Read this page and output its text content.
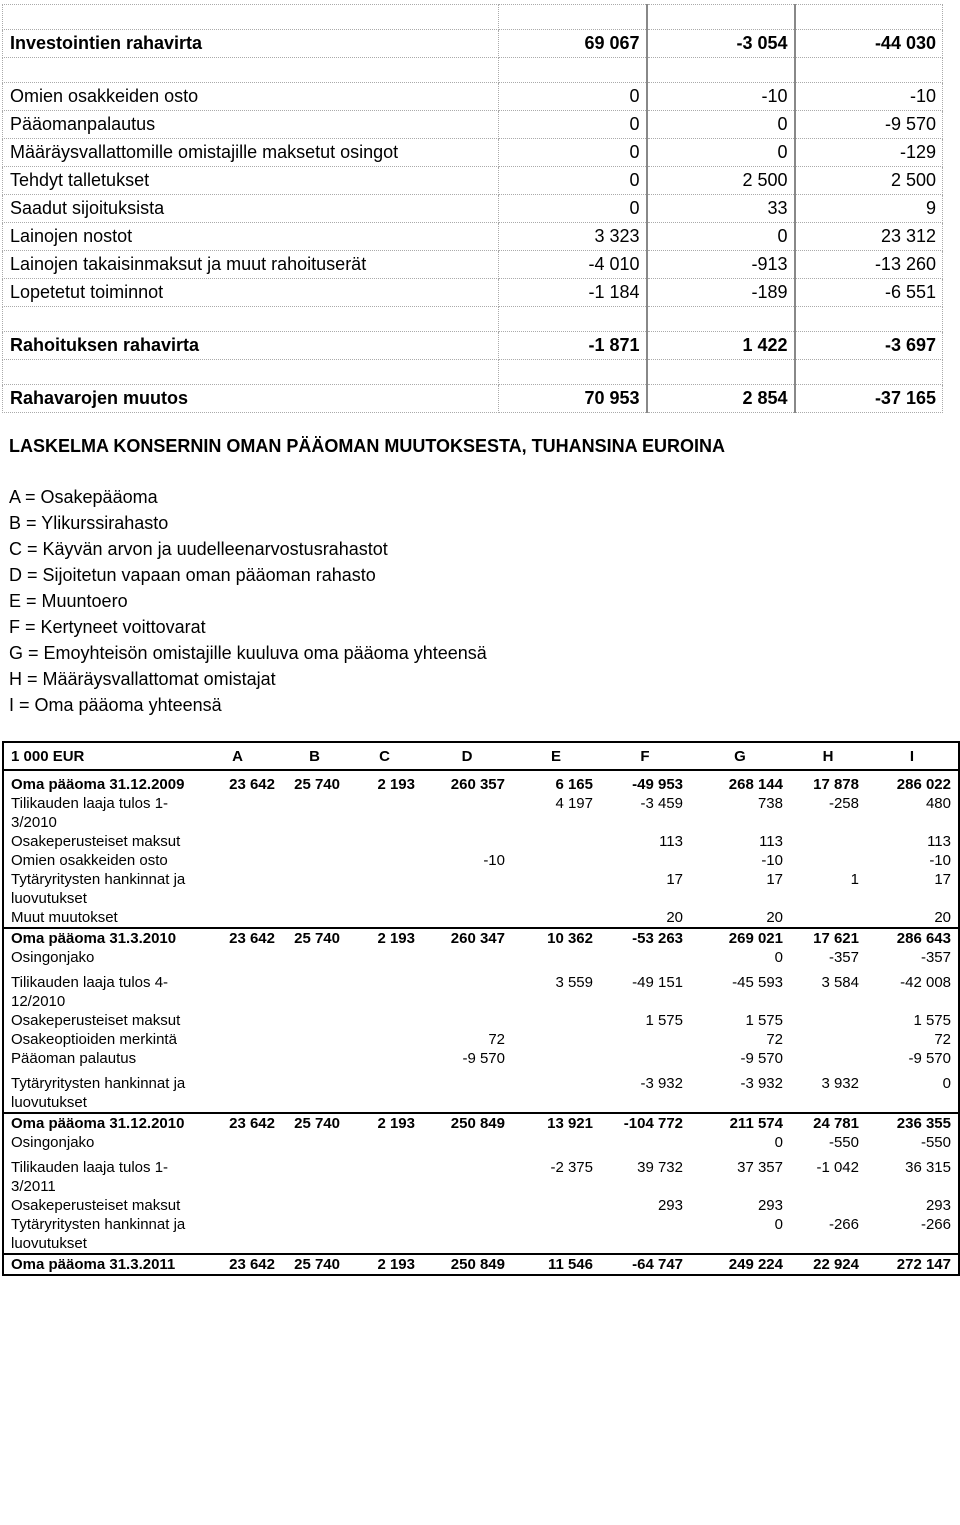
Investointien rahavirta	69 067	-3 054	-44 030

Omien osakkeiden osto	0	-10	-10
Pääomanpalautus	0	0	-9 570
Määräysvallattomille omistajille maksetut osingot	0	0	-129
Tehdyt talletukset	0	2 500	2 500
Saadut sijoituksista	0	33	9
Lainojen nostot	3 323	0	23 312
Lainojen takaisinmaksut ja muut rahoituserät	-4 010	-913	-13 260
Lopetetut toiminnot	-1 184	-189	-6 551

Rahoituksen rahavirta	-1 871	1 422	-3 697

Rahavarojen muutos	70 953	2 854	-37 165
LASKELMA KONSERNIN OMAN PÄÄOMAN MUUTOKSESTA, TUHANSINA EUROINA
A = Osakepääoma
B = Ylikurssirahasto
C = Käyvän arvon ja uudelleenarvostusrahastot
D = Sijoitetun vapaan oman pääoman rahasto
E = Muuntoero
F = Kertyneet voittovarat
G = Emoyhteisön omistajille kuuluva oma pääoma yhteensä
H = Määräysvallattomat omistajat
I = Oma pääoma yhteensä
1 000 EUR	A	B	C	D	E	F	G	H	I
Oma pääoma 31.12.2009	23 642	25 740	2 193	260 357	6 165	-49 953	268 144	17 878	286 022
Tilikauden laaja tulos 1-3/2010					4 197	-3 459	738	-258	480
Osakeperusteiset maksut						113	113		113
Omien osakkeiden osto				-10			-10		-10
Tytäryritysten hankinnat ja luovutukset						17	17	1	17
Muut muutokset						20	20		20
Oma pääoma 31.3.2010	23 642	25 740	2 193	260 347	10 362	-53 263	269 021	17 621	286 643
Osingonjako							0	-357	-357
Tilikauden laaja tulos 4-12/2010					3 559	-49 151	-45 593	3 584	-42 008
Osakeperusteiset maksut						1 575	1 575		1 575
Osakeoptioiden merkintä				72			72		72
Pääoman palautus				-9 570			-9 570		-9 570
Tytäryritysten hankinnat ja luovutukset						-3 932	-3 932	3 932	0
Oma pääoma 31.12.2010	23 642	25 740	2 193	250 849	13 921	-104 772	211 574	24 781	236 355
Osingonjako							0	-550	-550
Tilikauden laaja tulos 1-3/2011					-2 375	39 732	37 357	-1 042	36 315
Osakeperusteiset maksut						293	293		293
Tytäryritysten hankinnat ja luovutukset							0	-266	-266
Oma pääoma 31.3.2011	23 642	25 740	2 193	250 849	11 546	-64 747	249 224	22 924	272 147
